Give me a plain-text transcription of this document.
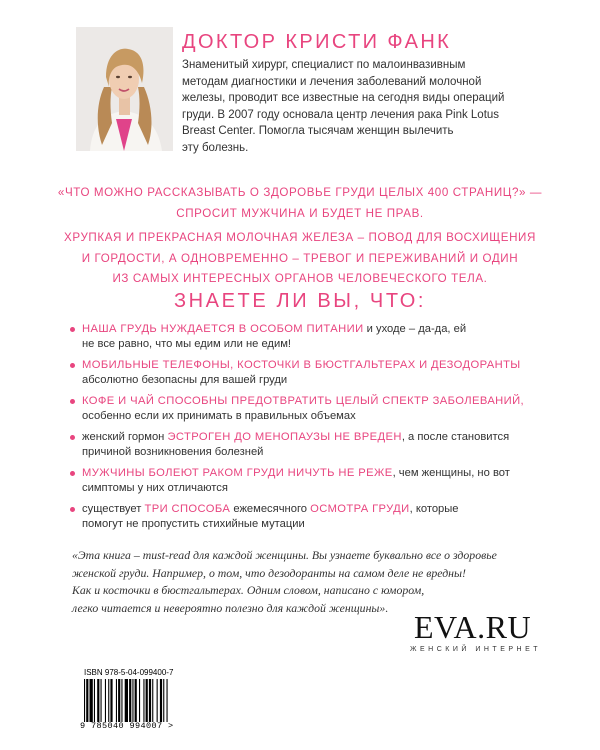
ДОКТОР КРИСТИ ФАНК
Знаменитый хирург, специалист по малоинвазивным
методам диагностики и лечения заболеваний молочной
железы, проводит все известные на сегодня виды операций
груди. В 2007 году основала центр лечения рака Pink Lotus
Breast Center. Помогла тысячам женщин вылечить
эту болезнь.
«ЧТО МОЖНО РАССКАЗЫВАТЬ О ЗДОРОВЬЕ ГРУДИ ЦЕЛЫХ 400 СТРАНИЦ?» —
СПРОСИТ МУЖЧИНА И БУДЕТ НЕ ПРАВ.
ХРУПКАЯ И ПРЕКРАСНАЯ МОЛОЧНАЯ ЖЕЛЕЗА – ПОВОД ДЛЯ ВОСХИЩЕНИЯ
И ГОРДОСТИ, А ОДНОВРЕМЕННО – ТРЕВОГ И ПЕРЕЖИВАНИЙ И ОДИН
ИЗ САМЫХ ИНТЕРЕСНЫХ ОРГАНОВ ЧЕЛОВЕЧЕСКОГО ТЕЛА.
ЗНАЕТЕ ЛИ ВЫ, ЧТО:
НАША ГРУДЬ НУЖДАЕТСЯ В ОСОБОМ ПИТАНИИ и уходе – да-да, ей
не все равно, что мы едим или не едим!
МОБИЛЬНЫЕ ТЕЛЕФОНЫ, КОСТОЧКИ В БЮСТГАЛЬТЕРАХ И ДЕЗОДОРАНТЫ
абсолютно безопасны для вашей груди
КОФЕ И ЧАЙ СПОСОБНЫ ПРЕДОТВРАТИТЬ ЦЕЛЫЙ СПЕКТР ЗАБОЛЕВАНИЙ,
особенно если их принимать в правильных объемах
женский гормон ЭСТРОГЕН ДО МЕНОПАУЗЫ НЕ ВРЕДЕН, а после становится
причиной возникновения болезней
МУЖЧИНЫ БОЛЕЮТ РАКОМ ГРУДИ НИЧУТЬ НЕ РЕЖЕ, чем женщины, но вот
симптомы у них отличаются
существует ТРИ СПОСОБА ежемесячного ОСМОТРА ГРУДИ, которые
помогут не пропустить стихийные мутации
«Эта книга – must-read для каждой женщины. Вы узнаете буквально все о здоровье
женской груди. Например, о том, что дезодоранты на самом деле не вредны!
Как и косточки в бюстгальтерах. Одним словом, написано с юмором,
легко читается и невероятно полезно для каждой женщины».
EVA.RU
ЖЕНСКИЙ ИНТЕРНЕТ
ISBN 978-5-04-099400-7
9 785040 994007 >
